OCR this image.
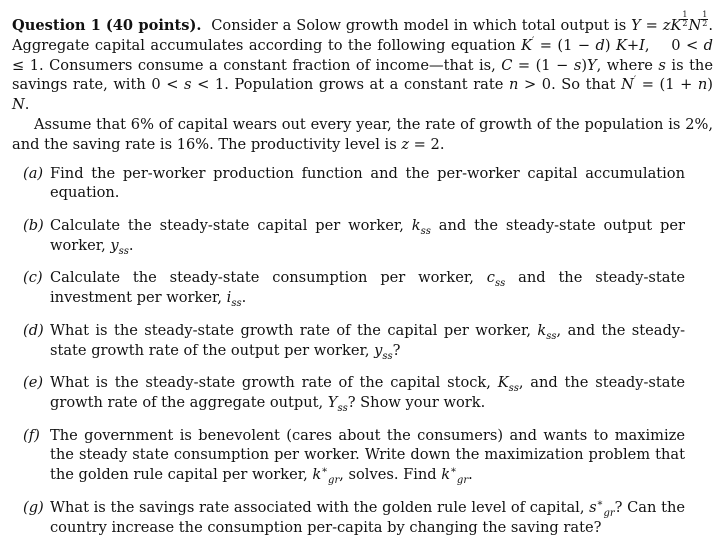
Question 1 (40 points). Consider a Solow growth model in which total output is Y = zK $\frac{1}{2}$ N $\frac{1}{2}$ . Aggregate capital accumulates according to the following equation K′ = (1 − d) K+I,    0 < d ≤ 1. Consumers consume a constant fraction of income—that is, C = (1 − s)Y, where s is the savings rate, with 0 < s < 1. Population grows at a constant rate n > 0. So that N′ = (1 + n) N.

Assume that 6% of capital wears out every year, the rate of growth of the population is 2%, and the saving rate is 16%. The productivity level is z = 2.

(a) Find the per-worker production function and the per-worker capital accumulation equation.
(b) Calculate the steady-state capital per worker, $k_{ss}$ and the steady-state output per worker, $y_{ss}$.
(c) Calculate the steady-state consumption per worker, $c_{ss}$ and the steady-state investment per worker, $i_{ss}$.
(d) What is the steady-state growth rate of the capital per worker, $k_{ss}$, and the steady-state growth rate of the output per worker, $y_{ss}$?
(e) What is the steady-state growth rate of the capital stock, $K_{ss}$, and the steady-state growth rate of the aggregate output, $Y_{ss}$? Show your work.
(f) The government is benevolent (cares about the consumers) and wants to maximize the steady state consumption per worker. Write down the maximization problem that the golden rule capital per worker, $k^∗_{gr}$, solves. Find $k^∗_{gr}$.
(g) What is the savings rate associated with the golden rule level of capital, $s^∗_{gr}$? Can the country increase the consumption per-capita by changing the saving rate?
